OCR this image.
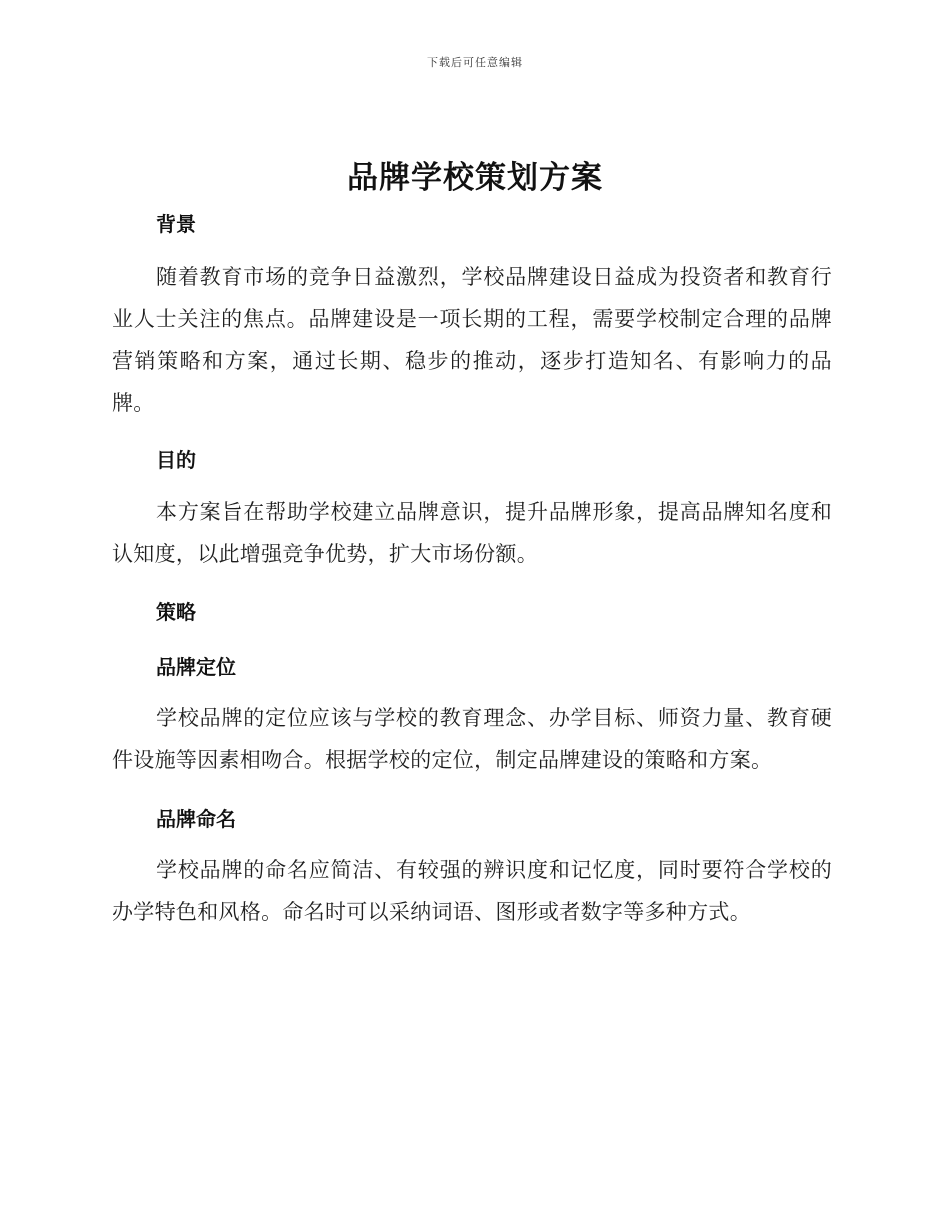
下载后可任意编辑
品牌学校策划方案
背景

随着教育市场的竞争日益激烈，学校品牌建设日益成为投资者和教育行业人士关注的焦点。品牌建设是一项长期的工程，需要学校制定合理的品牌营销策略和方案，通过长期、稳步的推动，逐步打造知名、有影响力的品牌。

目的

本方案旨在帮助学校建立品牌意识，提升品牌形象，提高品牌知名度和认知度，以此增强竞争优势，扩大市场份额。

策略
品牌定位

学校品牌的定位应该与学校的教育理念、办学目标、师资力量、教育硬件设施等因素相吻合。根据学校的定位，制定品牌建设的策略和方案。

品牌命名

学校品牌的命名应简洁、有较强的辨识度和记忆度，同时要符合学校的办学特色和风格。命名时可以采纳词语、图形或者数字等多种方式。
